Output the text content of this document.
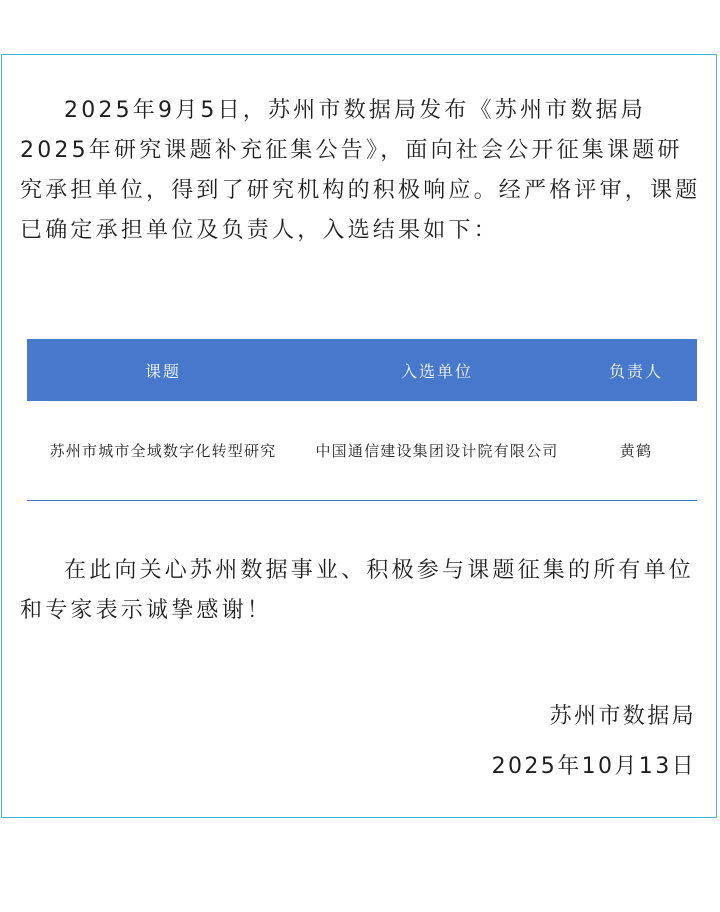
2025年9月5日，苏州市数据局发布《苏州市数据局2025年研究课题补充征集公告》，面向社会公开征集课题研究承担单位，得到了研究机构的积极响应。经严格评审，课题已确定承担单位及负责人，入选结果如下：

课题	入选单位	负责人
苏州市城市全域数字化转型研究	中国通信建设集团设计院有限公司	黄鹤

在此向关心苏州数据事业、积极参与课题征集的所有单位和专家表示诚挚感谢！

苏州市数据局
2025年10月13日
